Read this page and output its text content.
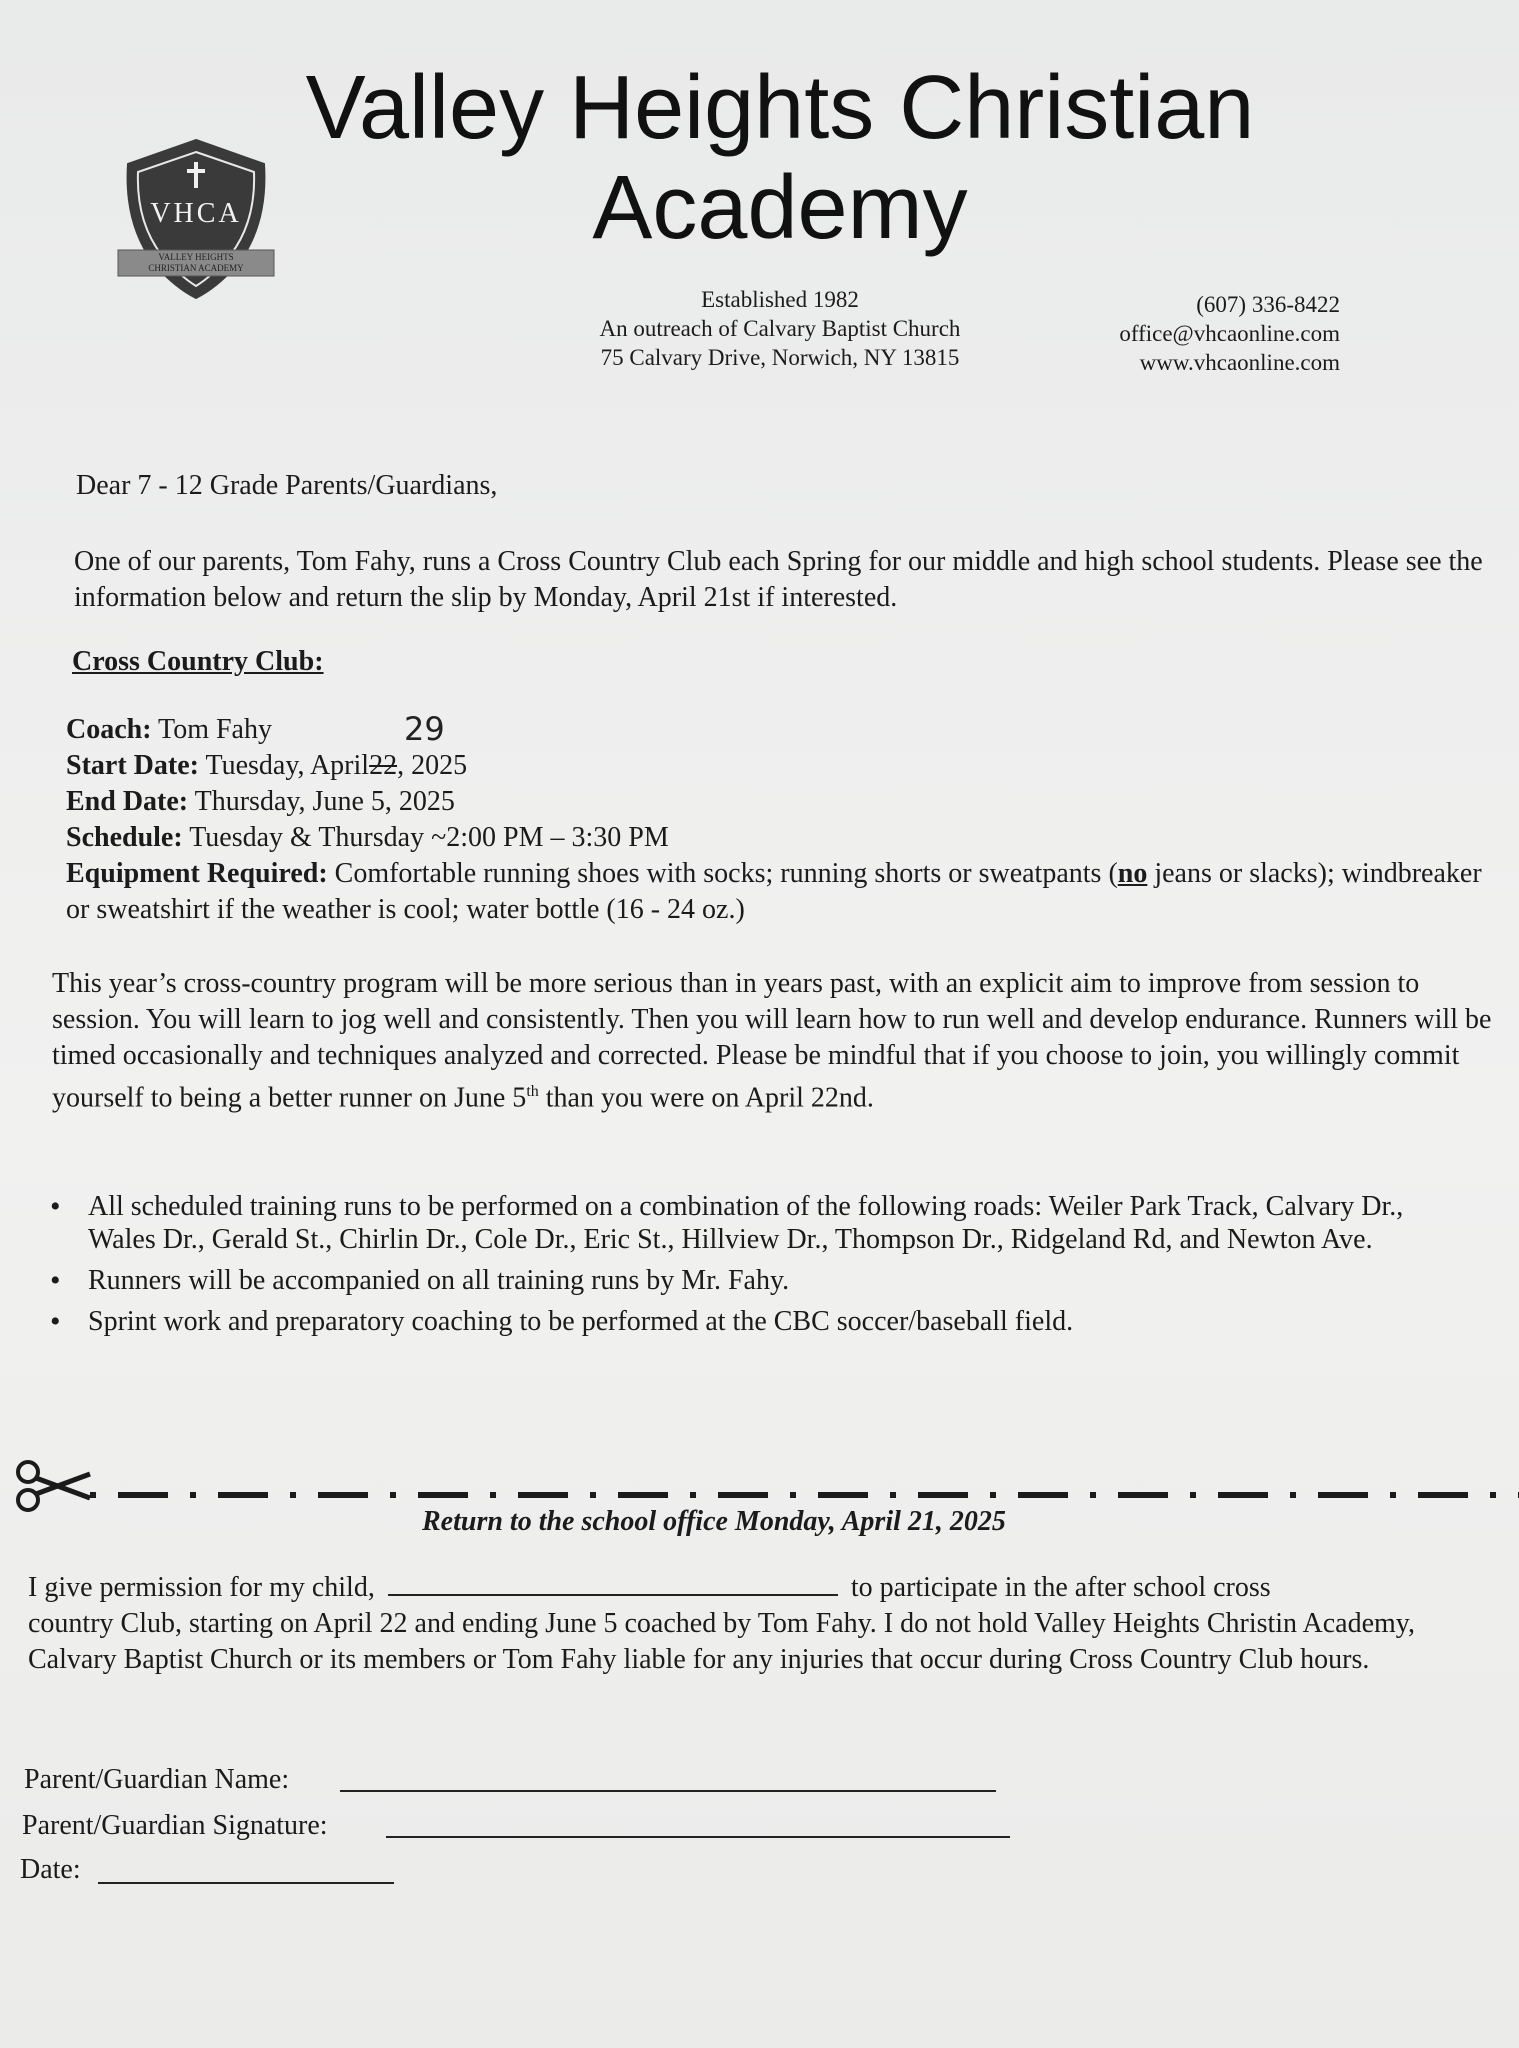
VHCA
VALLEY HEIGHTS
CHRISTIAN ACADEMY
Valley Heights Christian
Academy
Established 1982
An outreach of Calvary Baptist Church
75 Calvary Drive, Norwich, NY 13815
(607) 336-8422
office@vhcaonline.com
www.vhcaonline.com
Dear 7 - 12 Grade Parents/Guardians,
One of our parents, Tom Fahy, runs a Cross Country Club each Spring for our middle and high school students. Please see the information below and return the slip by Monday, April 21st if interested.
Cross Country Club:
29
Coach: Tom Fahy
Start Date: Tuesday, April22, 2025
End Date: Thursday, June 5, 2025
Schedule: Tuesday & Thursday ~2:00 PM – 3:30 PM
Equipment Required: Comfortable running shoes with socks; running shorts or sweatpants (no jeans or slacks); windbreaker or sweatshirt if the weather is cool; water bottle (16 - 24 oz.)
This year’s cross-country program will be more serious than in years past, with an explicit aim to improve from session to session. You will learn to jog well and consistently. Then you will learn how to run well and develop endurance. Runners will be timed occasionally and techniques analyzed and corrected. Please be mindful that if you choose to join, you willingly commit yourself to being a better runner on June 5th than you were on April 22nd.
• All scheduled training runs to be performed on a combination of the following roads: Weiler Park Track, Calvary Dr., Wales Dr., Gerald St., Chirlin Dr., Cole Dr., Eric St., Hillview Dr., Thompson Dr., Ridgeland Rd, and Newton Ave.
• Runners will be accompanied on all training runs by Mr. Fahy.
• Sprint work and preparatory coaching to be performed at the CBC soccer/baseball field.
Return to the school office Monday, April 21, 2025
I give permission for my child,	to participate in the after school cross
country Club, starting on April 22 and ending June 5 coached by Tom Fahy. I do not hold Valley Heights Christin Academy, Calvary Baptist Church or its members or Tom Fahy liable for any injuries that occur during Cross Country Club hours.
Parent/Guardian Name:
Parent/Guardian Signature:
Date:
